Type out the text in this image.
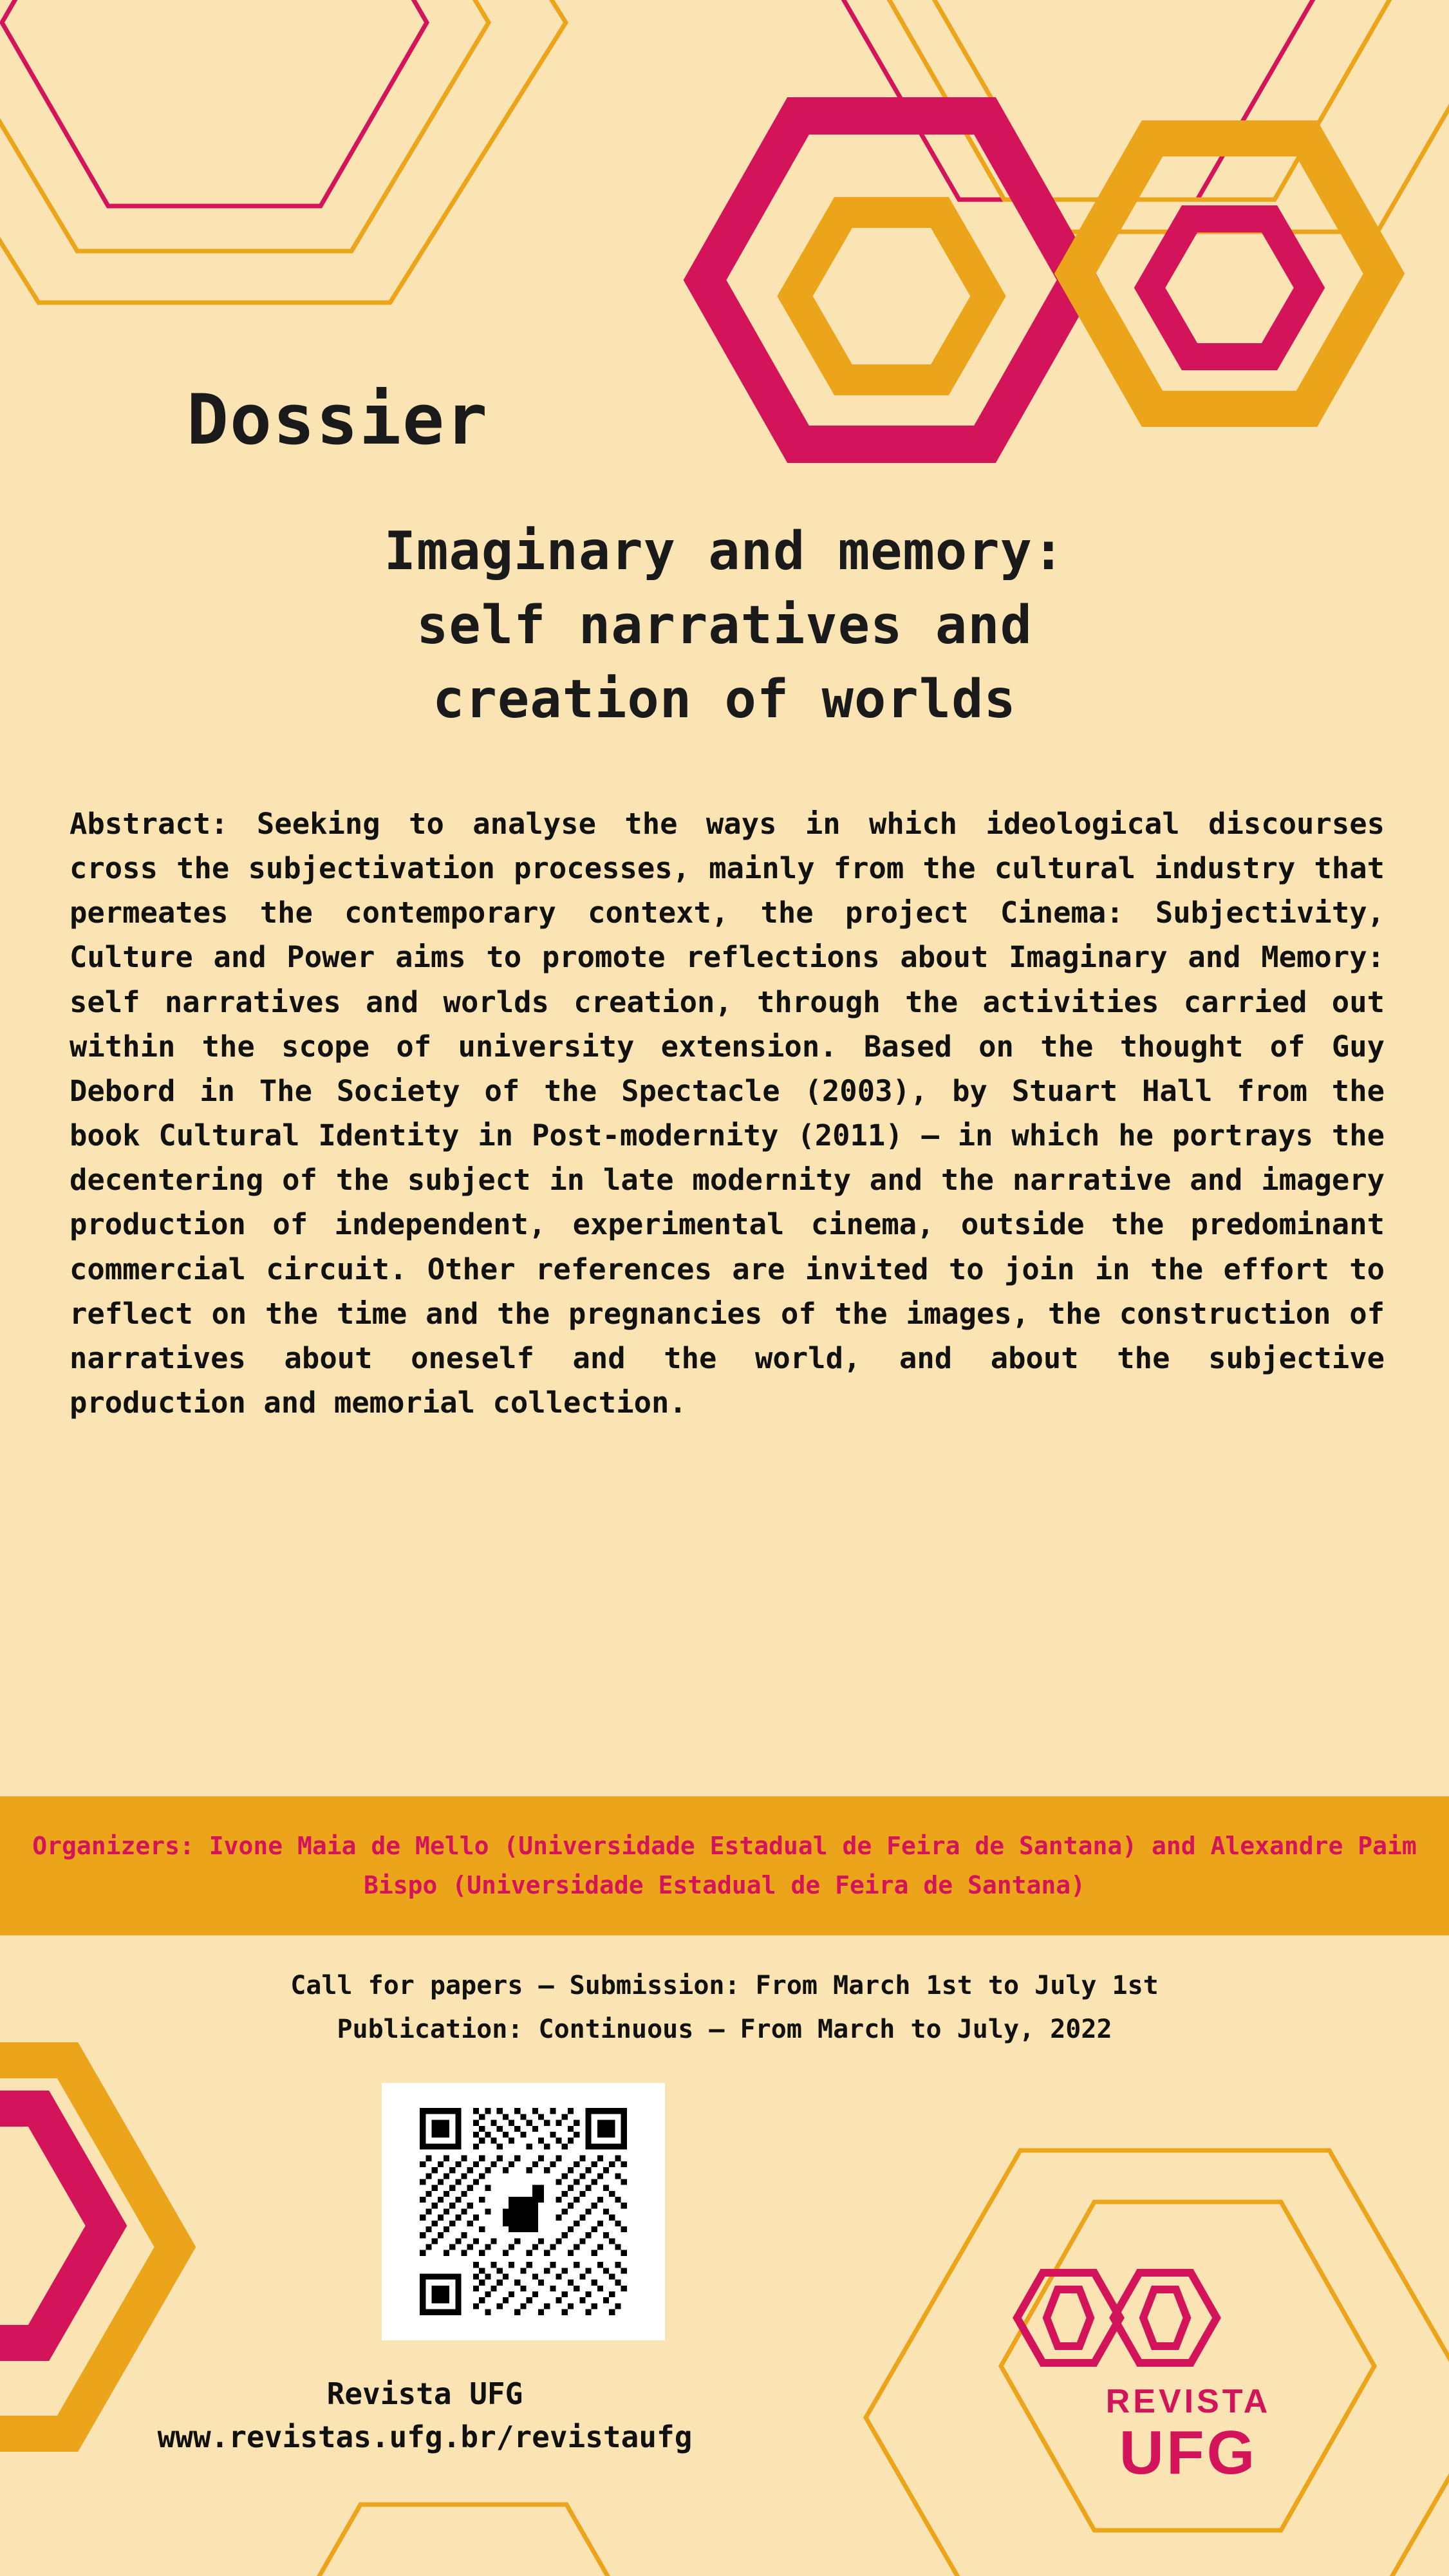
Dossier
Imaginary and memory:
self narratives and
creation of worlds
Abstract: Seeking to analyse the ways in which ideological discourses cross the subjectivation processes, mainly from the cultural industry that permeates the contemporary context, the project Cinema: Subjectivity, Culture and Power aims to promote reflections about Imaginary and Memory: self narratives and worlds creation, through the activities carried out within the scope of university extension. Based on the thought of Guy Debord in The Society of the Spectacle (2003), by Stuart Hall from the book Cultural Identity in Post-modernity (2011) – in which he portrays the decentering of the subject in late modernity and the narrative and imagery production of independent, experimental cinema, outside the predominant commercial circuit. Other references are invited to join in the effort to reflect on the time and the pregnancies of the images, the construction of narratives about oneself and the world, and about the subjective production and memorial collection.
Organizers: Ivone Maia de Mello (Universidade Estadual de Feira de Santana) and Alexandre Paim Bispo (Universidade Estadual de Feira de Santana)
Call for papers – Submission: From March 1st to July 1st
Publication: Continuous – From March to July, 2022
Revista UFG
www.revistas.ufg.br/revistaufg
REVISTA
UFG
